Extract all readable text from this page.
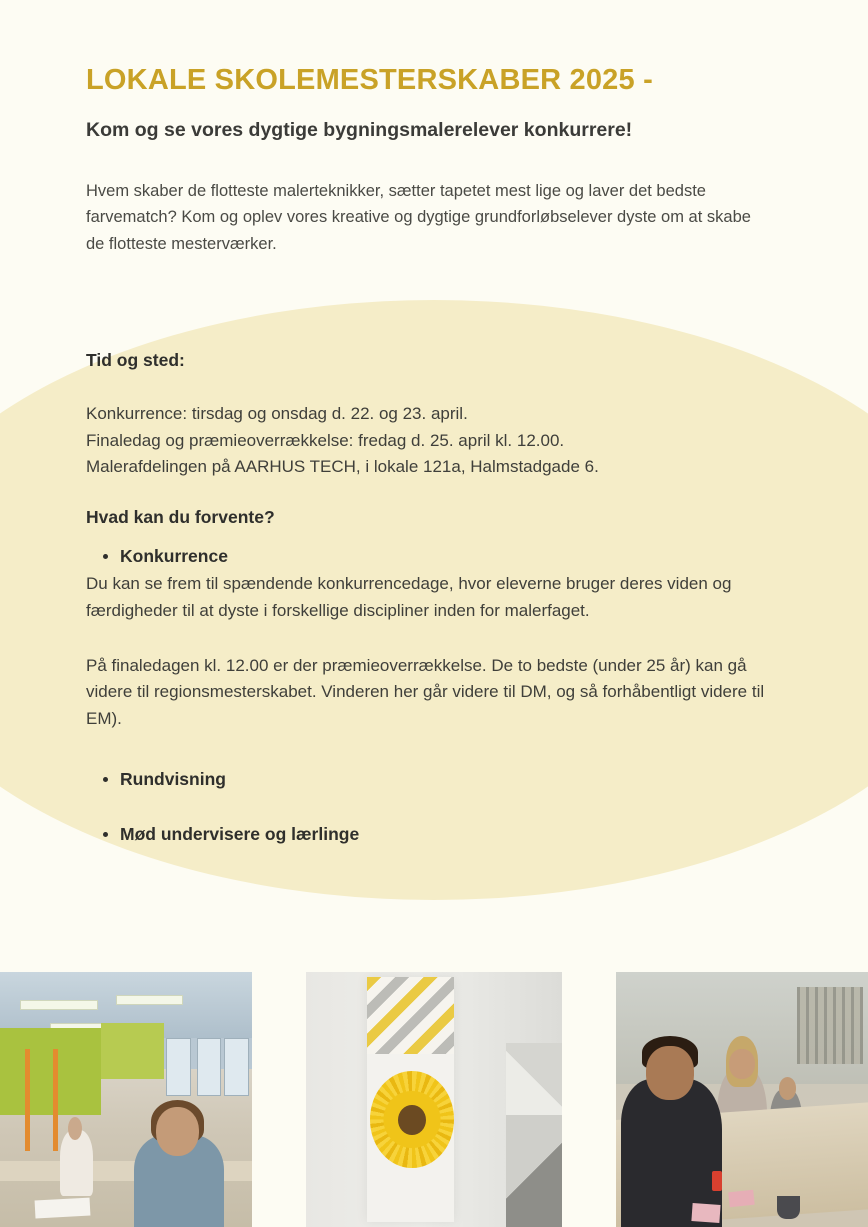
LOKALE SKOLEMESTERSKABER 2025 -

Kom og se vores dygtige bygningsmalerelever konkurrere!

Hvem skaber de flotteste malerteknikker, sætter tapetet mest lige og laver det bedste farvematch? Kom og oplev vores kreative og dygtige grundforløbselever dyste om at skabe de flotteste mesterværker.

Tid og sted:
Konkurrence: tirsdag og onsdag d. 22. og 23. april.
Finaledag og præmieoverrækkelse: fredag d. 25. april kl. 12.00.
Malerafdelingen på AARHUS TECH, i lokale 121a, Halmstadgade 6.
Hvad kan du forvente?
• Konkurrence

Du kan se frem til spændende konkurrencedage, hvor eleverne bruger deres viden og færdigheder til at dyste i forskellige discipliner inden for malerfaget.

På finaledagen kl. 12.00 er der præmieoverrækkelse. De to bedste (under 25 år) kan gå videre til regionsmesterskabet. Vinderen her går videre til DM, og så forhåbentligt videre til EM).

• Rundvisning
• Mød undervisere og lærlinge
